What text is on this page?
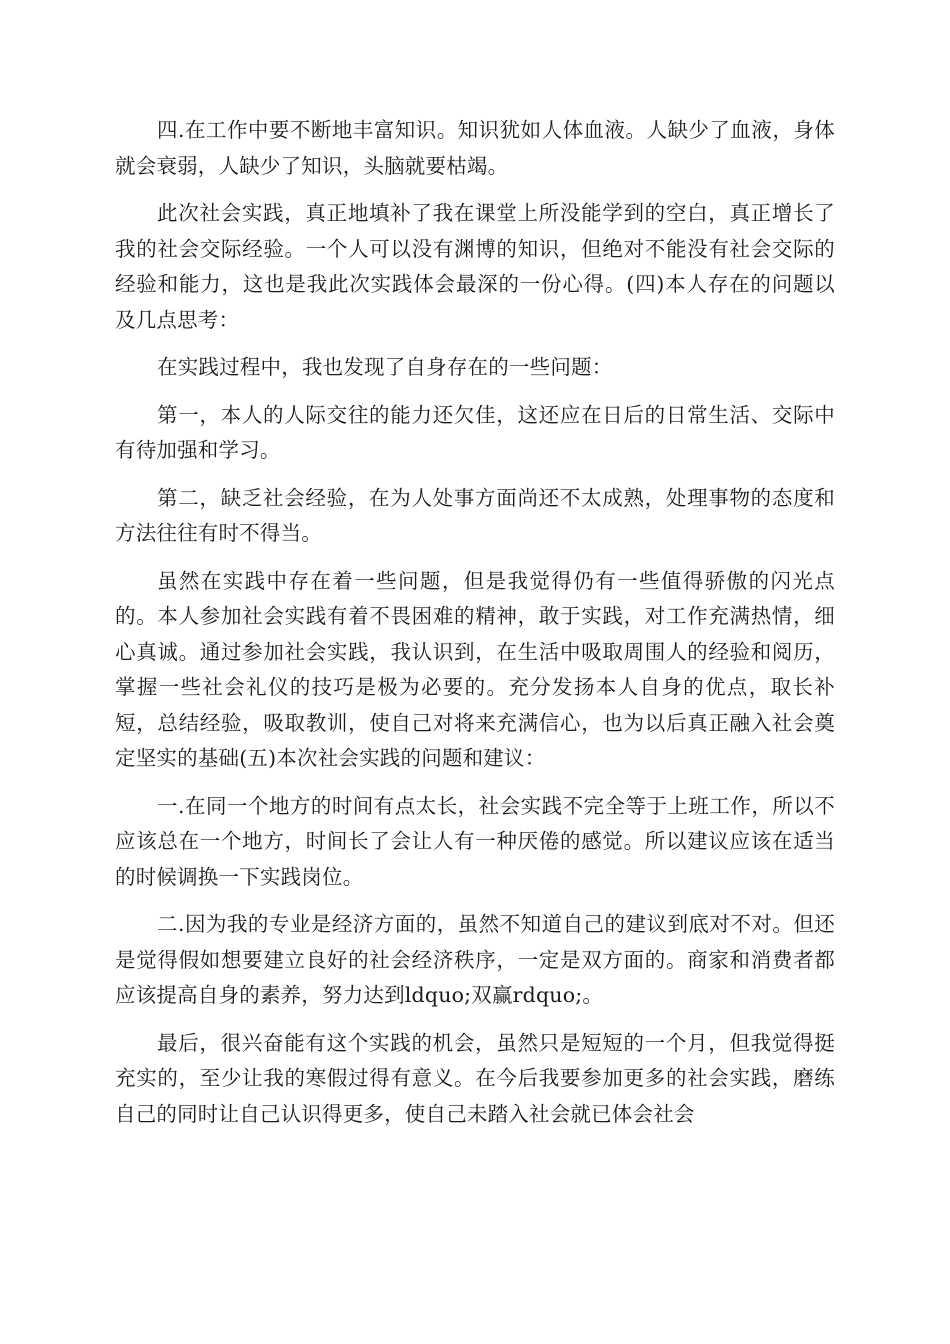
四.在工作中要不断地丰富知识。知识犹如人体血液。人缺少了血液，身体就会衰弱，人缺少了知识，头脑就要枯竭。

此次社会实践，真正地填补了我在课堂上所没能学到的空白，真正增长了我的社会交际经验。一个人可以没有渊博的知识，但绝对不能没有社会交际的经验和能力，这也是我此次实践体会最深的一份心得。(四)本人存在的问题以及几点思考：

在实践过程中，我也发现了自身存在的一些问题：

第一，本人的人际交往的能力还欠佳，这还应在日后的日常生活、交际中有待加强和学习。

第二，缺乏社会经验，在为人处事方面尚还不太成熟，处理事物的态度和方法往往有时不得当。

虽然在实践中存在着一些问题，但是我觉得仍有一些值得骄傲的闪光点的。本人参加社会实践有着不畏困难的精神，敢于实践，对工作充满热情，细心真诚。通过参加社会实践，我认识到，在生活中吸取周围人的经验和阅历，掌握一些社会礼仪的技巧是极为必要的。充分发扬本人自身的优点，取长补短，总结经验，吸取教训，使自己对将来充满信心，也为以后真正融入社会奠定坚实的基础(五)本次社会实践的问题和建议：

一.在同一个地方的时间有点太长，社会实践不完全等于上班工作，所以不应该总在一个地方，时间长了会让人有一种厌倦的感觉。所以建议应该在适当的时候调换一下实践岗位。

二.因为我的专业是经济方面的，虽然不知道自己的建议到底对不对。但还是觉得假如想要建立良好的社会经济秩序，一定是双方面的。商家和消费者都应该提高自身的素养，努力达到ldquo;双赢rdquo;。

最后，很兴奋能有这个实践的机会，虽然只是短短的一个月，但我觉得挺充实的，至少让我的寒假过得有意义。在今后我要参加更多的社会实践，磨练自己的同时让自己认识得更多，使自己未踏入社会就已体会社会
